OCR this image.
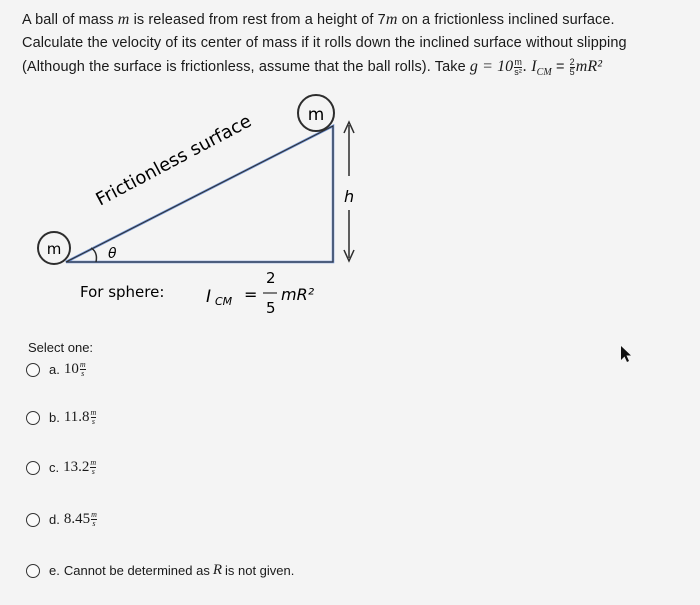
A ball of mass m is released from rest from a height of 7m on a frictionless inclined surface.

Calculate the velocity of its center of mass if it rolls down the inclined surface without slipping

(Although the surface is frictionless, assume that the ball rolls). Take $g = 10 \frac{m}{\text{s²}}$ . $I_{CM} = \frac{2}{5} mR^2$

m
m
θ
Frictionless surface	h
For sphere: I CM =
2
5
mR²
Select one:
a. $10 \frac{m}{s}$
b. $11.8 \frac{m}{s}$
c. $13.2 \frac{m}{s}$
d. $8.45 \frac{m}{s}$
e. Cannot be determined as R is not given.
